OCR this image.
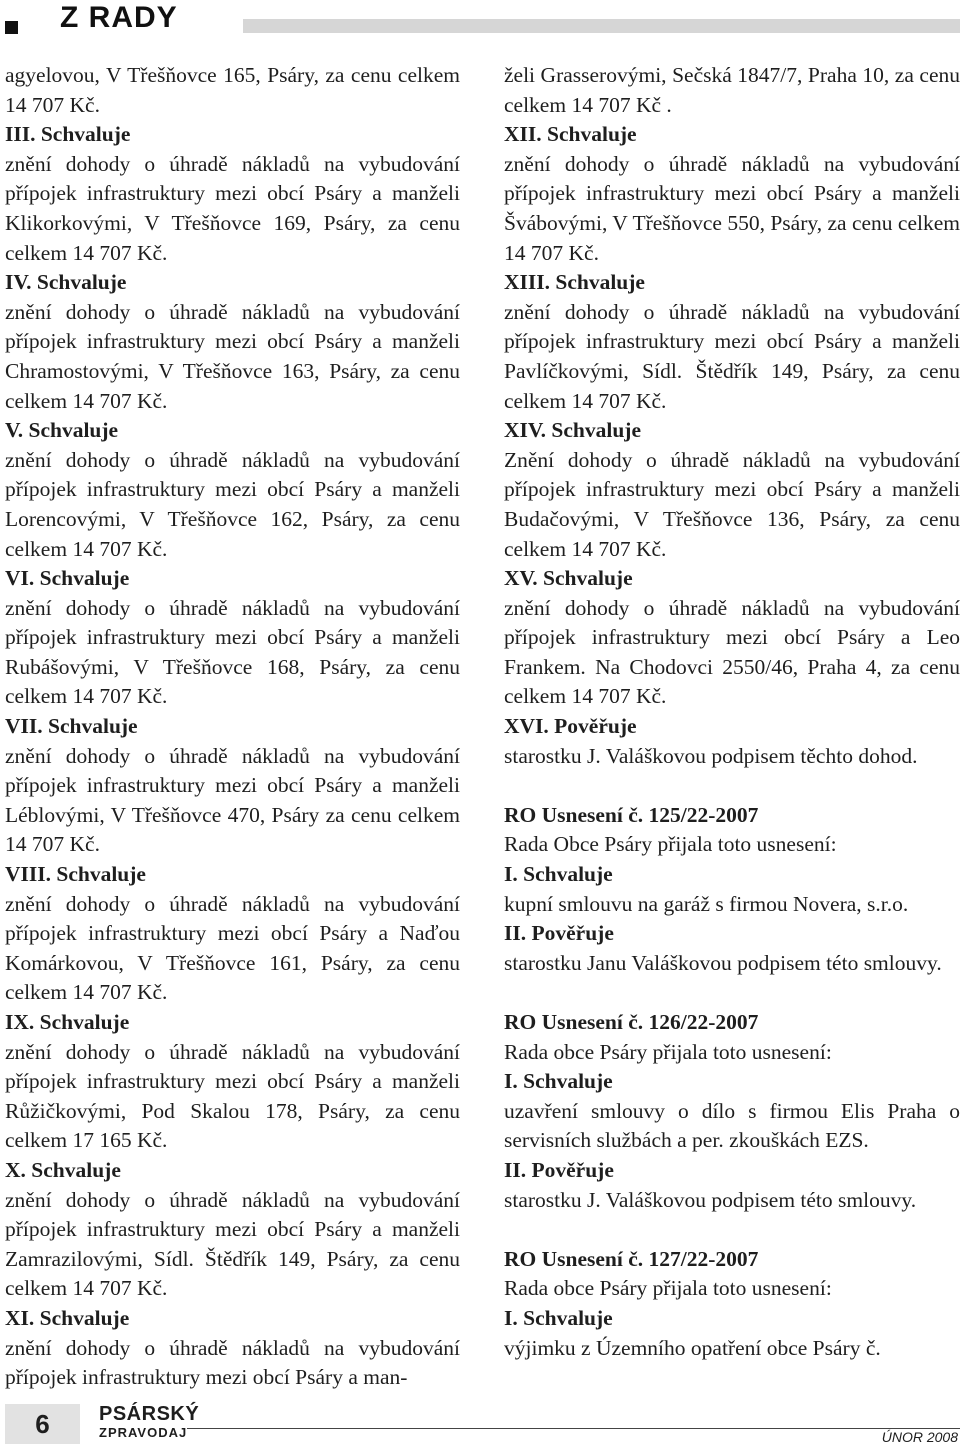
Z RADY
agyelovou, V Třešňovce 165, Psáry, za cenu celkem 14 707 Kč.
III. Schvaluje
znění dohody o úhradě nákladů na vybudování přípojek infrastruktury mezi obcí Psáry a manželi Klikorkovými, V Třešňovce 169, Psáry, za cenu celkem 14 707 Kč.
IV. Schvaluje
znění dohody o úhradě nákladů na vybudování přípojek infrastruktury mezi obcí Psáry a manželi Chramostovými, V Třešňovce 163, Psáry, za cenu celkem 14 707 Kč.
V. Schvaluje
znění dohody o úhradě nákladů na vybudování přípojek infrastruktury mezi obcí Psáry a manželi Lorencovými, V Třešňovce 162, Psáry, za cenu celkem 14 707 Kč.
VI. Schvaluje
znění dohody o úhradě nákladů na vybudování přípojek infrastruktury mezi obcí Psáry a manželi Rubášovými, V Třešňovce 168, Psáry, za cenu celkem 14 707 Kč.
VII. Schvaluje
znění dohody o úhradě nákladů na vybudování přípojek infrastruktury mezi obcí Psáry a manželi Léblovými, V Třešňovce 470, Psáry za cenu celkem 14 707 Kč.
VIII. Schvaluje
znění dohody o úhradě nákladů na vybudování přípojek infrastruktury mezi obcí Psáry a Naďou Komárkovou, V Třešňovce 161, Psáry, za cenu celkem 14 707 Kč.
IX. Schvaluje
znění dohody o úhradě nákladů na vybudování přípojek infrastruktury mezi obcí Psáry a manželi Růžičkovými, Pod Skalou 178, Psáry, za cenu celkem 17 165 Kč.
X. Schvaluje
znění dohody o úhradě nákladů na vybudování přípojek infrastruktury mezi obcí Psáry a manželi Zamrazilovými, Sídl. Štědřík 149, Psáry, za cenu celkem 14 707 Kč.
XI. Schvaluje
znění dohody o úhradě nákladů na vybudování přípojek infrastruktury mezi obcí Psáry a man-
želi Grasserovými, Sečská 1847/7, Praha 10, za cenu celkem 14 707 Kč .
XII. Schvaluje
znění dohody o úhradě nákladů na vybudování přípojek infrastruktury mezi obcí Psáry a manželi Švábovými, V Třešňovce 550, Psáry, za cenu celkem 14 707 Kč.
XIII. Schvaluje
znění dohody o úhradě nákladů na vybudování přípojek infrastruktury mezi obcí Psáry a manželi Pavlíčkovými, Sídl. Štědřík 149, Psáry, za cenu celkem 14 707 Kč.
XIV. Schvaluje
Znění dohody o úhradě nákladů na vybudování přípojek infrastruktury mezi obcí Psáry a manželi Budačovými, V Třešňovce 136, Psáry, za cenu celkem 14 707 Kč.
XV. Schvaluje
znění dohody o úhradě nákladů na vybudování přípojek infrastruktury mezi obcí Psáry a Leo Frankem. Na Chodovci 2550/46, Praha 4, za cenu celkem 14 707 Kč.
XVI. Pověřuje
starostku J. Valáškovou podpisem těchto dohod.
RO Usnesení č. 125/22-2007
Rada Obce Psáry přijala toto usnesení:
I. Schvaluje
kupní smlouvu na garáž s firmou Novera, s.r.o.
II. Pověřuje
starostku Janu Valáškovou podpisem této smlouvy.
RO Usnesení č. 126/22-2007
Rada obce Psáry přijala toto usnesení:
I. Schvaluje
uzavření smlouvy o dílo s firmou Elis Praha o servisních službách a per. zkouškách EZS.
II. Pověřuje
starostku J. Valáškovou podpisem této smlouvy.
RO Usnesení č. 127/22-2007
Rada obce Psáry přijala toto usnesení:
I. Schvaluje
výjimku z Územního opatření obce Psáry č.
6	PSÁRSKÝ
ZPRAVODAJ	ÚNOR 2008
